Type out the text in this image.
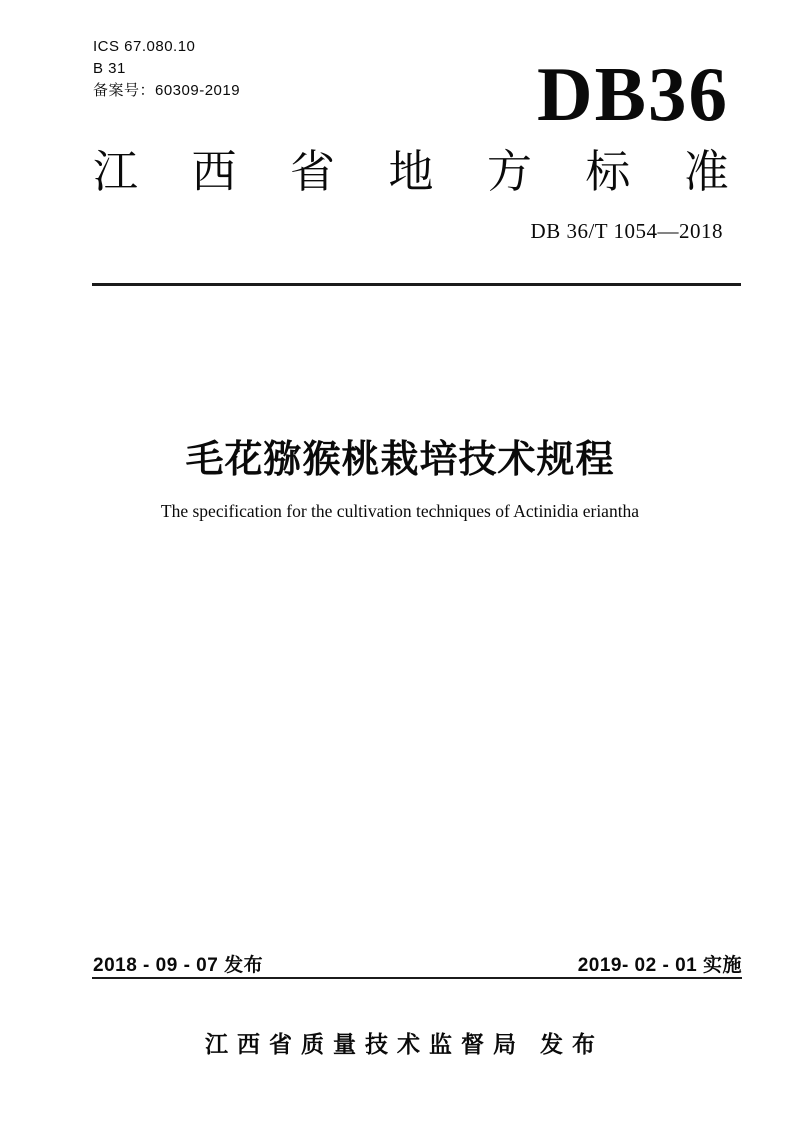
ICS 67.080.10
B 31
备案号：60309-2019	DB36
江 西 省 地 方 标 准
DB 36/T 1054—2018
毛花猕猴桃栽培技术规程
The specification for the cultivation techniques of Actinidia eriantha
2018 - 09 - 07 发布	2019- 02 - 01 实施
江西省质量技术监督局 发布
